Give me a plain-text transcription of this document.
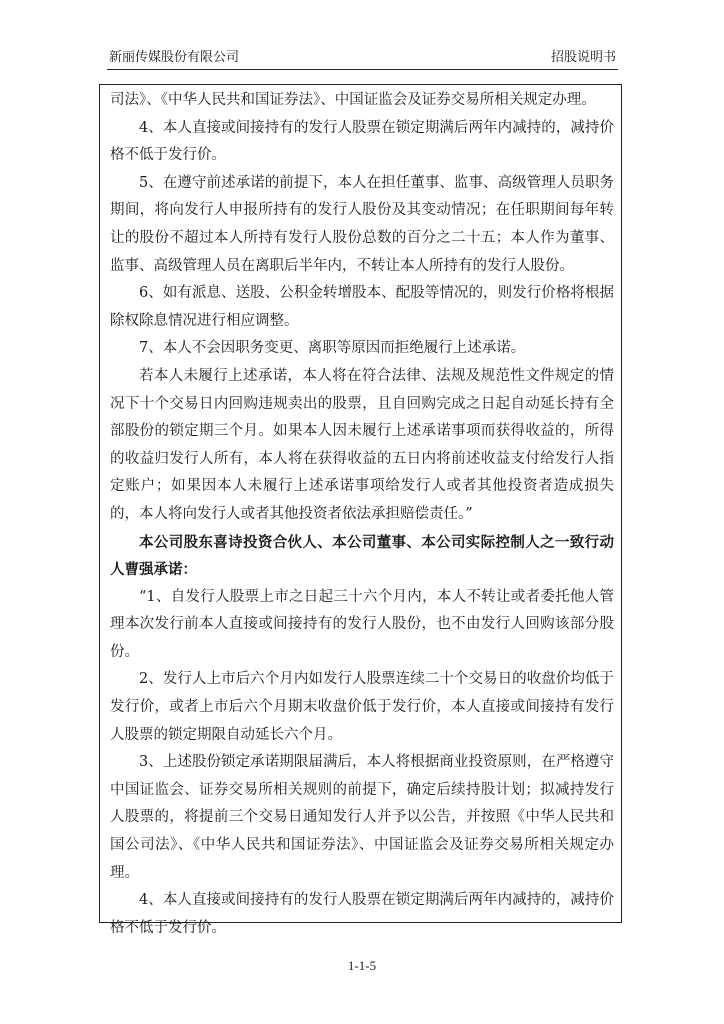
新丽传媒股份有限公司	招股说明书

司法》、《中华人民共和国证券法》、中国证监会及证券交易所相关规定办理。

4、本人直接或间接持有的发行人股票在锁定期满后两年内减持的，减持价格不低于发行价。

5、在遵守前述承诺的前提下，本人在担任董事、监事、高级管理人员职务期间，将向发行人申报所持有的发行人股份及其变动情况；在任职期间每年转让的股份不超过本人所持有发行人股份总数的百分之二十五；本人作为董事、监事、高级管理人员在离职后半年内，不转让本人所持有的发行人股份。

6、如有派息、送股、公积金转增股本、配股等情况的，则发行价格将根据除权除息情况进行相应调整。

7、本人不会因职务变更、离职等原因而拒绝履行上述承诺。

若本人未履行上述承诺，本人将在符合法律、法规及规范性文件规定的情况下十个交易日内回购违规卖出的股票，且自回购完成之日起自动延长持有全部股份的锁定期三个月。如果本人因未履行上述承诺事项而获得收益的，所得的收益归发行人所有，本人将在获得收益的五日内将前述收益支付给发行人指定账户；如果因本人未履行上述承诺事项给发行人或者其他投资者造成损失的，本人将向发行人或者其他投资者依法承担赔偿责任。”

本公司股东喜诗投资合伙人、本公司董事、本公司实际控制人之一致行动人曹强承诺：

“1、自发行人股票上市之日起三十六个月内，本人不转让或者委托他人管理本次发行前本人直接或间接持有的发行人股份，也不由发行人回购该部分股份。

2、发行人上市后六个月内如发行人股票连续二十个交易日的收盘价均低于发行价，或者上市后六个月期末收盘价低于发行价，本人直接或间接持有发行人股票的锁定期限自动延长六个月。

3、上述股份锁定承诺期限届满后，本人将根据商业投资原则，在严格遵守中国证监会、证券交易所相关规则的前提下，确定后续持股计划；拟减持发行人股票的，将提前三个交易日通知发行人并予以公告，并按照《中华人民共和国公司法》、《中华人民共和国证券法》、中国证监会及证券交易所相关规定办理。

4、本人直接或间接持有的发行人股票在锁定期满后两年内减持的，减持价格不低于发行价。

1-1-5
